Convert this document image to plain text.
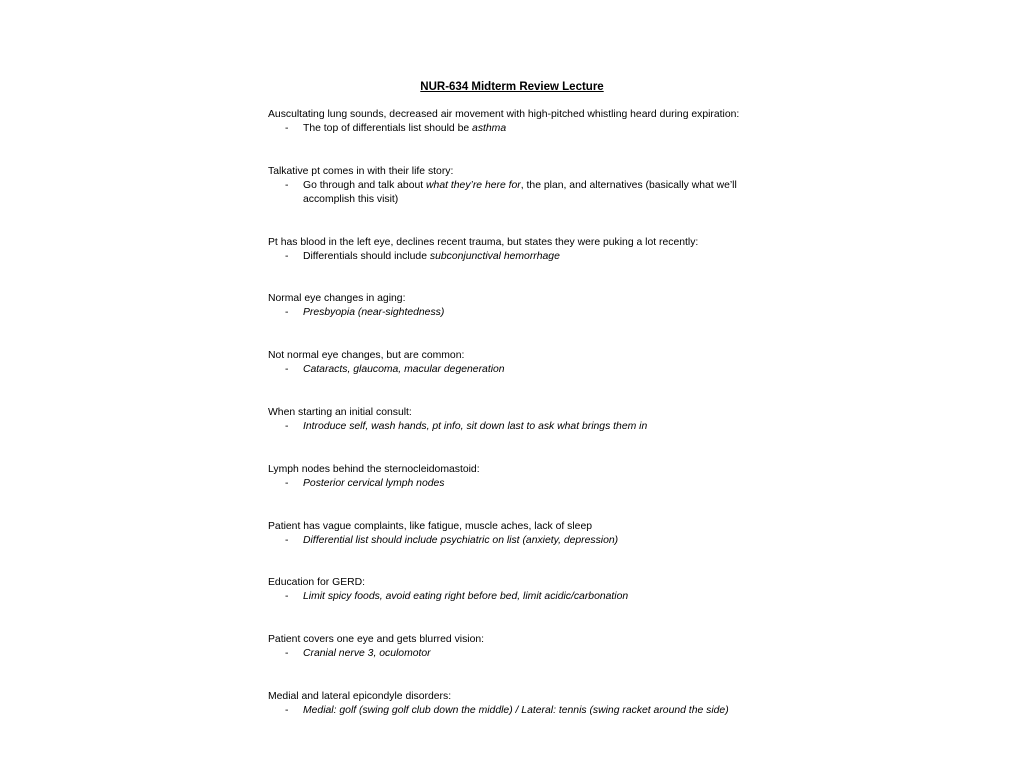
NUR-634 Midterm Review Lecture
Auscultating lung sounds, decreased air movement with high-pitched whistling heard during expiration:
- The top of differentials list should be asthma
Talkative pt comes in with their life story:
- Go through and talk about what they’re here for, the plan, and alternatives (basically what we’ll accomplish this visit)
Pt has blood in the left eye, declines recent trauma, but states they were puking a lot recently:
- Differentials should include subconjunctival hemorrhage
Normal eye changes in aging:
- Presbyopia (near-sightedness)
Not normal eye changes, but are common:
- Cataracts, glaucoma, macular degeneration
When starting an initial consult:
- Introduce self, wash hands, pt info, sit down last to ask what brings them in
Lymph nodes behind the sternocleidomastoid:
- Posterior cervical lymph nodes
Patient has vague complaints, like fatigue, muscle aches, lack of sleep
- Differential list should include psychiatric on list (anxiety, depression)
Education for GERD:
- Limit spicy foods, avoid eating right before bed, limit acidic/carbonation
Patient covers one eye and gets blurred vision:
- Cranial nerve 3, oculomotor
Medial and lateral epicondyle disorders:
- Medial: golf (swing golf club down the middle) / Lateral: tennis (swing racket around the side)
